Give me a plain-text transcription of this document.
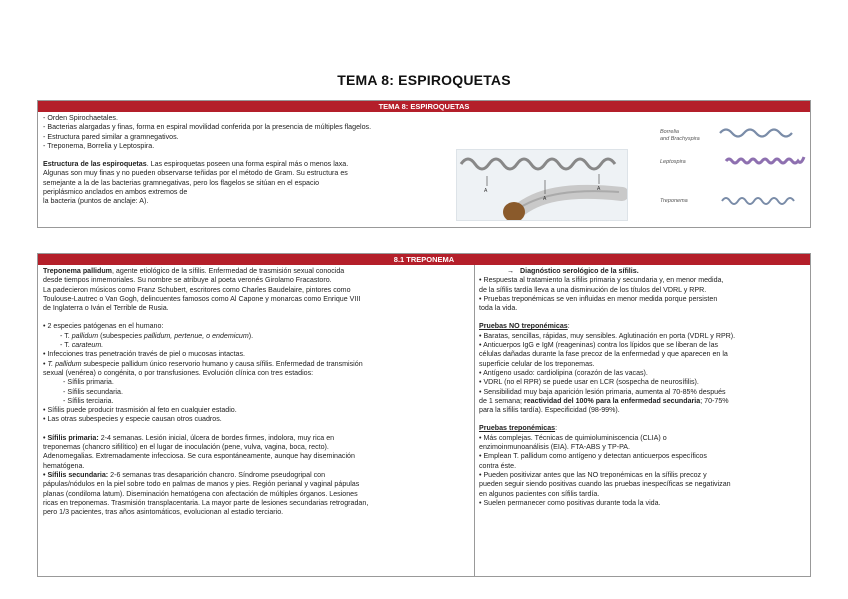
TEMA 8: ESPIROQUETAS
TEMA 8: ESPIROQUETAS

- Orden Spirochaetales.

- Bacterias alargadas y finas, forma en espiral movilidad conferida por la presencia de múltiples flagelos.

- Estructura pared similar a gramnegativos.

- Treponema, Borrelia y Leptospira.

Estructura de las espiroquetas. Las espiroquetas poseen una forma espiral más o menos laxa.

Algunas son muy finas y no pueden observarse teñidas por el método de Gram. Su estructura es

semejante a la de las bacterias gramnegativas, pero los flagelos se sitúan en el espacio

periplásmico anclados en ambos extremos de

la bacteria (puntos de anclaje: A).

A
A
A
Borrelia
and Brachyspira
Leptospira
Treponema
8.1 TREPONEMA

Treponema pallidum, agente etiológico de la sífilis. Enfermedad de trasmisión sexual conocida

desde tiempos inmemoriales. Su nombre se atribuye al poeta veronés Girolamo Fracastoro.

La padecieron músicos como Franz Schubert, escritores como Charles Baudelaire, pintores como

Toulouse-Lautrec o Van Gogh, delincuentes famosos como Al Capone y monarcas como Enrique VIII

de Inglaterra o Iván el Terrible de Rusia.

• 2 especies patógenas en el humano:

- T. pallidum (subespecies pallidum, pertenue, o endemicum).

- T. carateum.

• Infecciones tras penetración través de piel o mucosas intactas.

• T. pallidum subespecie pallidum único reservorio humano y causa sífilis. Enfermedad de transmisión

sexual (venérea) o congénita, o por transfusiones. Evolución clínica con tres estadios:

- Sífilis primaria.

- Sífilis secundaria.

- Sífilis terciaria.

• Sífilis puede producir trasmisión al feto en cualquier estadio.

• Las otras subespecies y especie causan otros cuadros.

• Sífilis primaria: 2-4 semanas. Lesión inicial, úlcera de bordes firmes, indolora, muy rica en

treponemas (chancro sifilítico) en el lugar de inoculación (pene, vulva, vagina, boca, recto).

Adenomegalias. Extremadamente infecciosa. Se cura espontáneamente, aunque hay diseminación

hematógena.

• Sífilis secundaria: 2-6 semanas tras desaparición chancro. Síndrome pseudogripal con

pápulas/nódulos en la piel sobre todo en palmas de manos y pies. Región perianal y vaginal pápulas

planas (condiloma latum). Diseminación hematógena con afectación de múltiples órganos. Lesiones

ricas en treponemas. Trasmisión transplacentaria. La mayor parte de lesiones secundarias retrogradan,

pero 1/3 pacientes, tras años asintomáticos, evolucionan al estadio terciario.

→ Diagnóstico serológico de la sífilis.

• Respuesta al tratamiento la sífilis primaria y secundaria y, en menor medida,

de la sífilis tardía lleva a una disminución de los títulos del VDRL y RPR.

• Pruebas treponémicas se ven influidas en menor medida porque persisten

toda la vida.

Pruebas NO treponémicas:

• Baratas, sencillas, rápidas, muy sensibles. Aglutinación en porta (VDRL y RPR).

• Anticuerpos IgG e IgM (reageninas) contra los lípidos que se liberan de las

células dañadas durante la fase precoz de la enfermedad y que aparecen en la

superficie celular de los treponemas.

• Antígeno usado: cardiolipina (corazón de las vacas).

• VDRL (no el RPR) se puede usar en LCR (sospecha de neurosífilis).

• Sensibilidad muy baja aparición lesión primaria, aumenta al 70-85% después

de 1 semana; reactividad del 100% para la enfermedad secundaria; 70-75%

para la sífilis tardía). Especificidad (98-99%).

Pruebas treponémicas:

• Más complejas. Técnicas de quimioluminiscencia (CLIA) o

enzimoinmunoanálisis (EIA). FTA-ABS y TP-PA.

• Emplean T. pallidum como antígeno y detectan anticuerpos específicos

contra éste.

• Pueden positivizar antes que las NO treponémicas en la sífilis precoz y

pueden seguir siendo positivas cuando las pruebas inespecíficas se negativizan

en algunos pacientes con sífilis tardía.

• Suelen permanecer como positivas durante toda la vida.
